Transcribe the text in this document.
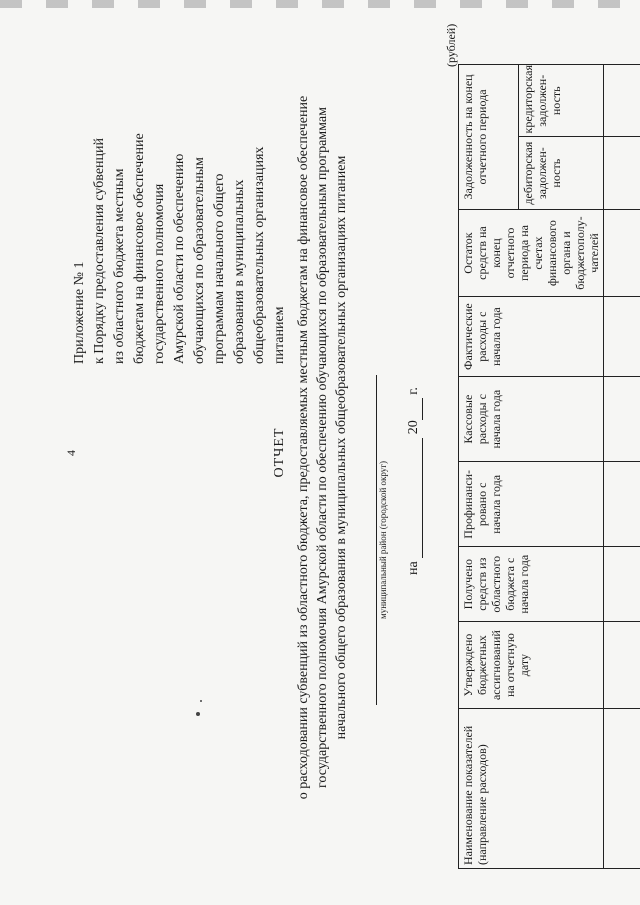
4
Приложение № 1 к Порядку предоставления субвенций из областного бюджета местным бюджетам на финансовое обеспечение государственного полномочия Амурской области по обеспечению обучающихся по образовательным программам начального общего образования в муниципальных общеобразовательных организациях питанием
ОТЧЕТ о расходовании субвенций из областного бюджета, предоставляемых местным бюджетам на финансовое обеспечение государственного полномочия Амурской области по обеспечению обучающихся по образовательным программам начального общего образования в муниципальных общеобразовательных организациях питанием	муниципальный район (городской округ) на   20  г.
(рублей)
Наименование показателей (направление расходов)	Утверждено бюджетных ассигнований на отчетную дату	Получено средств из областного бюджета с начала года	Профинанси-ровано с начала года	Кассовые расходы с начала года	Фактические расходы с начала года	Остаток средств на конец отчетного периода на счетах финансового органа и бюджетополу-чателей	Задолженность на конец отчетного периода	
							дебиторская задолжен-ность	кредиторская задолжен-ность
